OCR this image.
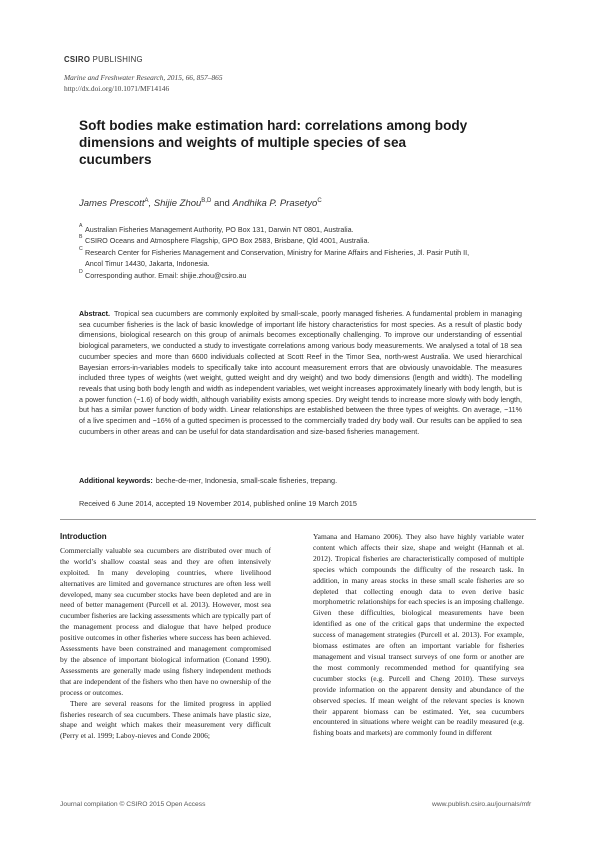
CSIRO PUBLISHING
Marine and Freshwater Research, 2015, 66, 857–865
http://dx.doi.org/10.1071/MF14146
Soft bodies make estimation hard: correlations among body dimensions and weights of multiple species of sea cucumbers
James Prescott$^A$, Shijie Zhou$^{B,D}$ and Andhika P. Prasetyo$^C$
A Australian Fisheries Management Authority, PO Box 131, Darwin NT 0801, Australia.
B CSIRO Oceans and Atmosphere Flagship, GPO Box 2583, Brisbane, Qld 4001, Australia.
C Research Center for Fisheries Management and Conservation, Ministry for Marine Affairs and Fisheries, Jl. Pasir Putih II, Ancol Timur 14430, Jakarta, Indonesia.
D Corresponding author. Email: shijie.zhou@csiro.au
Abstract. Tropical sea cucumbers are commonly exploited by small-scale, poorly managed fisheries. A fundamental problem in managing sea cucumber fisheries is the lack of basic knowledge of important life history characteristics for most species. As a result of plastic body dimensions, biological research on this group of animals becomes exceptionally challenging. To improve our understanding of essential biological parameters, we conducted a study to investigate correlations among various body measurements. We analysed a total of 18 sea cucumber species and more than 6600 individuals collected at Scott Reef in the Timor Sea, north-west Australia. We used hierarchical Bayesian errors-in-variables models to specifically take into account measurement errors that are obviously unavoidable. The measures included three types of weights (wet weight, gutted weight and dry weight) and two body dimensions (length and width). The modelling reveals that using both body length and width as independent variables, wet weight increases approximately linearly with body length, but is a power function (~1.6) of body width, although variability exists among species. Dry weight tends to increase more slowly with body length, but has a similar power function of body width. Linear relationships are established between the three types of weights. On average, ~11% of a live specimen and ~16% of a gutted specimen is processed to the commercially traded dry body wall. Our results can be applied to sea cucumbers in other areas and can be useful for data standardisation and size-based fisheries management.
Additional keywords: beche-de-mer, Indonesia, small-scale fisheries, trepang.
Received 6 June 2014, accepted 19 November 2014, published online 19 March 2015
Introduction

Commercially valuable sea cucumbers are distributed over much of the world’s shallow coastal seas and they are often intensively exploited. In many developing countries, where livelihood alternatives are limited and governance structures are often less well developed, many sea cucumber stocks have been depleted and are in need of better management (Purcell et al. 2013). However, most sea cucumber fisheries are lacking assessments which are typically part of the management process and dialogue that have helped produce positive outcomes in other fisheries where success has been achieved. Assessments have been constrained and management compromised by the absence of important biological information (Conand 1990). Assessments are generally made using fishery independent methods that are independent of the fishers who then have no ownership of the process or outcomes.

There are several reasons for the limited progress in applied fisheries research of sea cucumbers. These animals have plastic size, shape and weight which makes their measurement very difficult (Perry et al. 1999; Laboy-nieves and Conde 2006;

Yamana and Hamano 2006). They also have highly variable water content which affects their size, shape and weight (Hannah et al. 2012). Tropical fisheries are characteristically composed of multiple species which compounds the difficulty of the research task. In addition, in many areas stocks in these small scale fisheries are so depleted that collecting enough data to even derive basic morphometric relationships for each species is an imposing challenge. Given these difficulties, biological measurements have been identified as one of the critical gaps that undermine the expected success of management strategies (Purcell et al. 2013). For example, biomass estimates are often an important variable for fisheries management and visual transect surveys of one form or another are the most commonly recommended method for quantifying sea cucumber stocks (e.g. Purcell and Cheng 2010). These surveys provide information on the apparent density and abundance of the observed species. If mean weight of the relevant species is known their apparent biomass can be estimated. Yet, sea cucumbers encountered in situations where weight can be readily measured (e.g. fishing boats and markets) are commonly found in different

Journal compilation © CSIRO 2015 Open Access	www.publish.csiro.au/journals/mfr
